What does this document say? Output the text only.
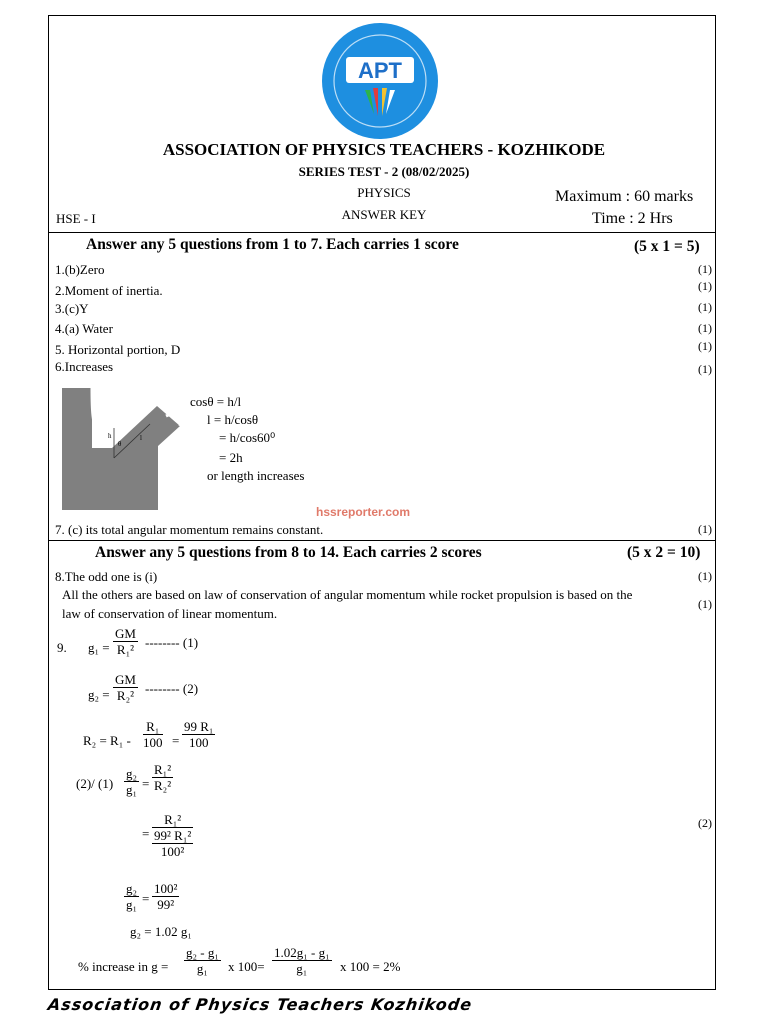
APT
ASSOCIATION OF PHYSICS TEACHERS - KOZHIKODE
SERIES TEST - 2 (08/02/2025)
PHYSICS
ANSWER KEY
Maximum : 60 marks
Time : 2 Hrs
HSE - I
Answer any 5 questions from 1 to 7. Each carries 1 score	(5 x 1 = 5)
1.(b)Zero	(1)
2.Moment of inertia.	(1)
3.(c)Y	(1)
4.(a) Water	(1)
5. Horizontal portion, D	(1)
6.Increases	(1)
h
θ
l
cosθ = h/l
l = h/cosθ
= h/cos60⁰
= 2h
or length increases
hssreporter.com
7. (c) its total angular momentum remains constant.	(1)
Answer any 5 questions from 8 to 14. Each carries 2 scores	(5 x 2 = 10)
8.The odd one is (i)	(1)
All the others are based on law of conservation of angular momentum while rocket propulsion is based on the
law of conservation of linear momentum.
(1)
9. $g_1 = \frac{GM}{\text{R₁²}}$ -------- (1)
$g_2 = \frac{GM}{\text{R₂²}}$ -------- (2)
$R_2 = R_1 - \frac{\text{R₁}}{100} = \frac{\text{99 R₁}}{100}$
(2)/ $(1) \frac{\text{g₂}}{\text{g₁}} = \frac{\text{R₁²}}{\text{R₂²}}$
=
R₁²
99² R₁²
100²
(2)
$\frac{\text{g₂}}{\text{g₁}} = \frac{\text{100²}}{\text{99²}}$
g₂ = 1.02 g₁
% increase in $g = \frac{\text{g₂ - g₁}}{\text{g₁}}$ x $100= \frac{\text{1.02g₁ - g₁}}{\text{g₁}}$ x 100 = 2%
Association of Physics Teachers Kozhikode
